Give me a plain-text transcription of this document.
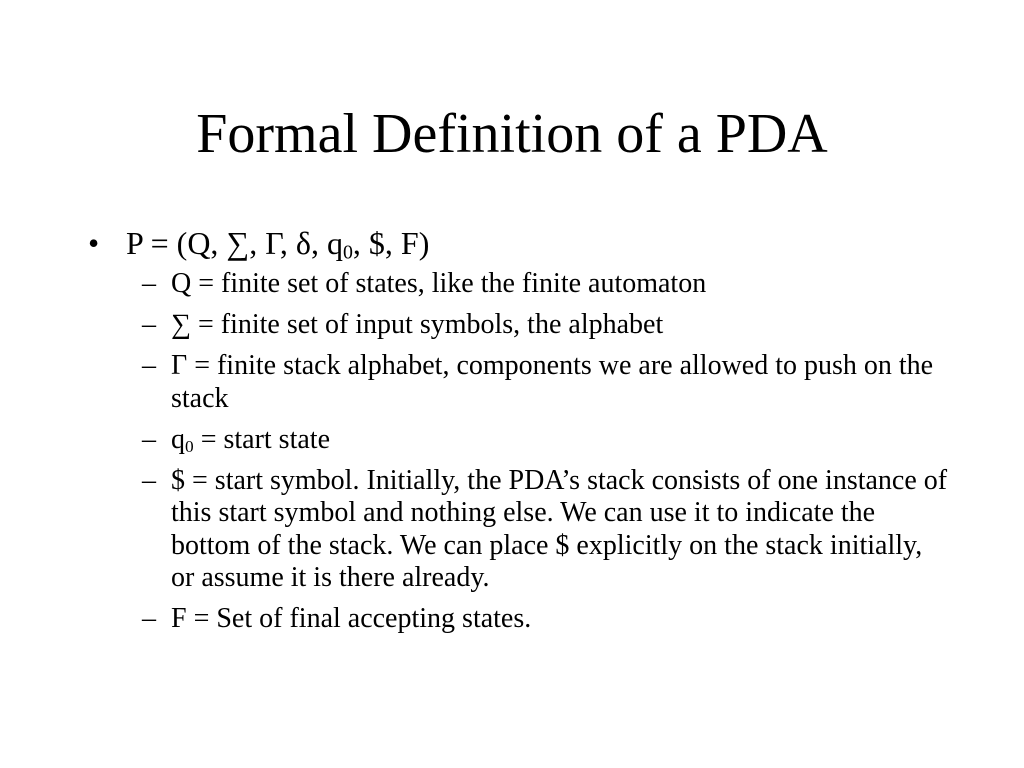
Formal Definition of a PDA
• P = (Q, ∑, Γ, δ, $q_0$, $, F)
– Q = finite set of states, like the finite automaton
– ∑ = finite set of input symbols, the alphabet
– Γ = finite stack alphabet, components we are allowed to push on the stack
– $q_0$ = start state
– $ = start symbol. Initially, the PDA’s stack consists of one instance of this start symbol and nothing else. We can use it to indicate the bottom of the stack. We can place $ explicitly on the stack initially, or assume it is there already.
– F = Set of final accepting states.
